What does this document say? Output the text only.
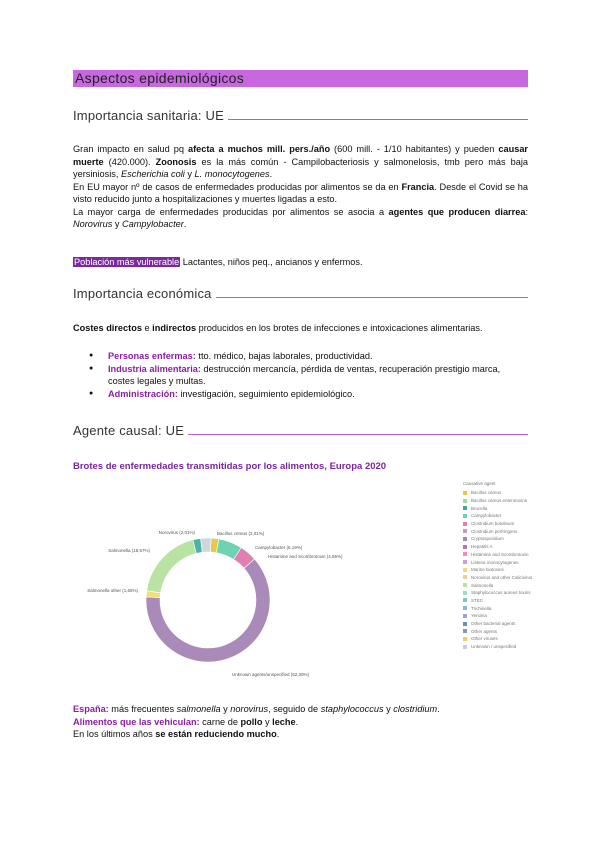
Aspectos epidemiológicos
Importancia sanitaria: UE
Gran impacto en salud pq afecta a muchos mill. pers./año (600 mill. - 1/10 habitantes) y pueden causar muerte (420.000). Zoonosis es la más común - Campilobacteriosis y salmonelosis, tmb pero más baja yersiniosis, Escherichia coli y L. monocytogenes.
En EU mayor nº de casos de enfermedades producidas por alimentos se da en Francia. Desde el Covid se ha visto reducido junto a hospitalizaciones y muertes ligadas a esto.
La mayor carga de enfermedades producidas por alimentos se asocia a agentes que producen diarrea: Norovirus y Campylobacter.
Población más vulnerable Lactantes, niños peq., ancianos y enfermos.
Importancia económica
Costes directos e indirectos producidos en los brotes de infecciones e intoxicaciones alimentarias.
● Personas enfermas: tto. médico, bajas laborales, productividad.
● Industria alimentaria: destrucción mercancía, pérdida de ventas, recuperación prestigio marca, costes legales y multas.
● Administración: investigación, seguimiento epidemiológico.
Agente causal: UE
Brotes de enfermedades transmitidas por los alimentos, Europa 2020
Bacillus cereus (2,01%)
Campylobacter (6,19%)
Histamine and Scombrotoxin (4,55%)
Unknown agents/unspecified (62,30%)
Salmonella other (1,65%)
Salmonella (18,67%)
Norovirus (2,01%)
Causative agent
Bacillus cereus
Bacillus cereus enterotoxins
Brucella
Campylobacter
Clostridium botulinum
Clostridium perfringens
Cryptosporidium
Hepatitis A
Histamine and Scombrotoxin
Listeria monocytogenes
Marine biotoxins
Norovirus and other Calicivirus
Salmonella
Staphylococcus aureus toxins
STEC
Trichinella
Yersinia
Other bacterial agents
Other agents
Other viruses
Unknown / unspecified
España: más frecuentes salmonella y norovirus, seguido de staphylococcus y clostridium.
Alimentos que las vehiculan: carne de pollo y leche.
En los últimos años se están reduciendo mucho.
